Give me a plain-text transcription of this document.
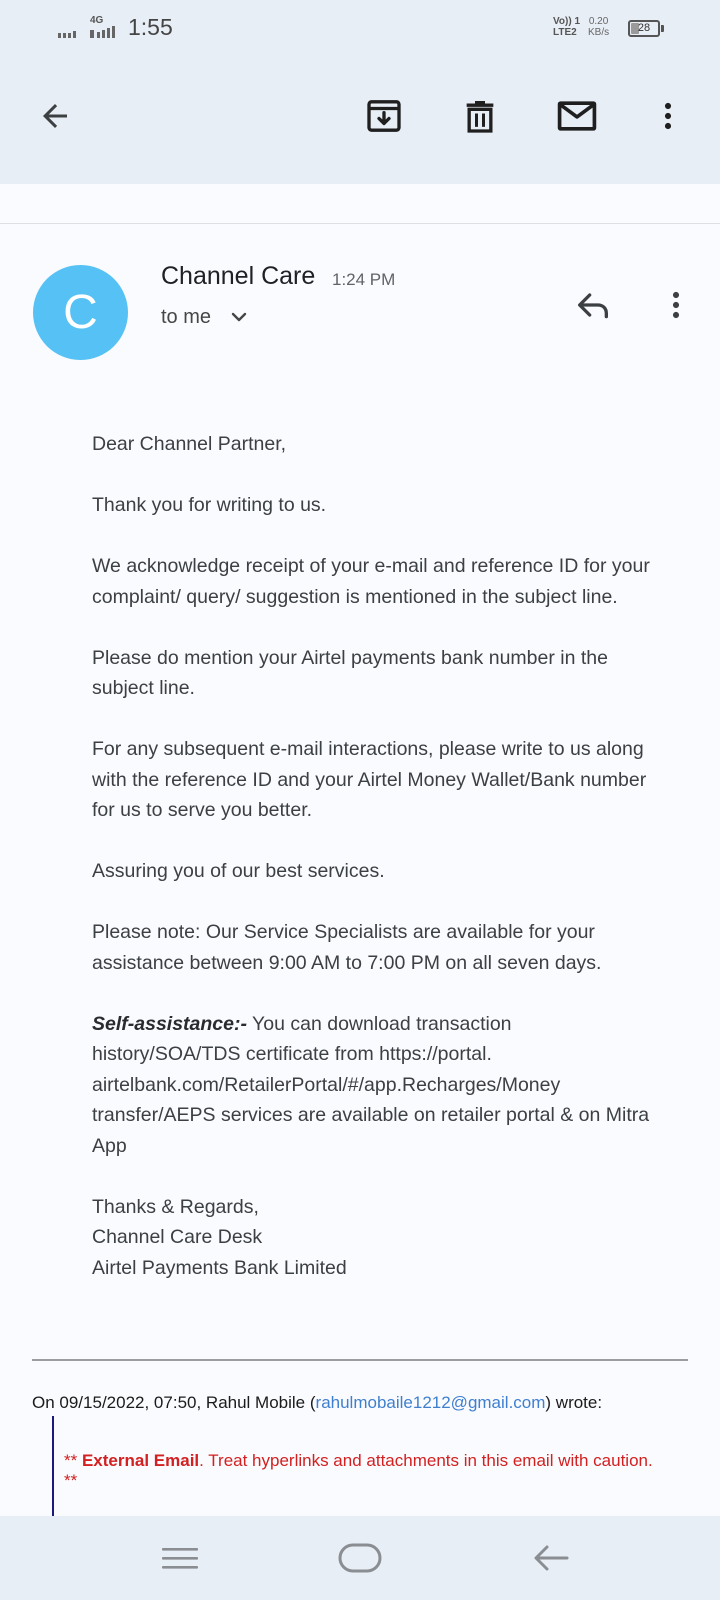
4G 1:55	Vo)) 1
LTE2
0.20
KB/s	28
C
Channel Care 1:24 PM
to me

Dear Channel Partner,

Thank you for writing to us.

We acknowledge receipt of your e-mail and reference ID for your complaint/ query/ suggestion is mentioned in the subject line.

Please do mention your Airtel payments bank number in the subject line.

For any subsequent e-mail interactions, please write to us along with the reference ID and your Airtel Money Wallet/Bank number for us to serve you better.

Assuring you of our best services.

Please note: Our Service Specialists are available for your assistance between 9:00 AM to 7:00 PM on all seven days.

Self-assistance:- You can download transaction history/SOA/TDS certificate from https://portal. airtelbank.com/RetailerPortal/#/app.Recharges/Money transfer/AEPS services are available on retailer portal & on Mitra App

Thanks & Regards,
Channel Care Desk
Airtel Payments Bank Limited
On 09/15/2022, 07:50, Rahul Mobile (rahulmobaile1212@gmail.com) wrote:
** External Email. Treat hyperlinks and attachments in this email with caution. **
